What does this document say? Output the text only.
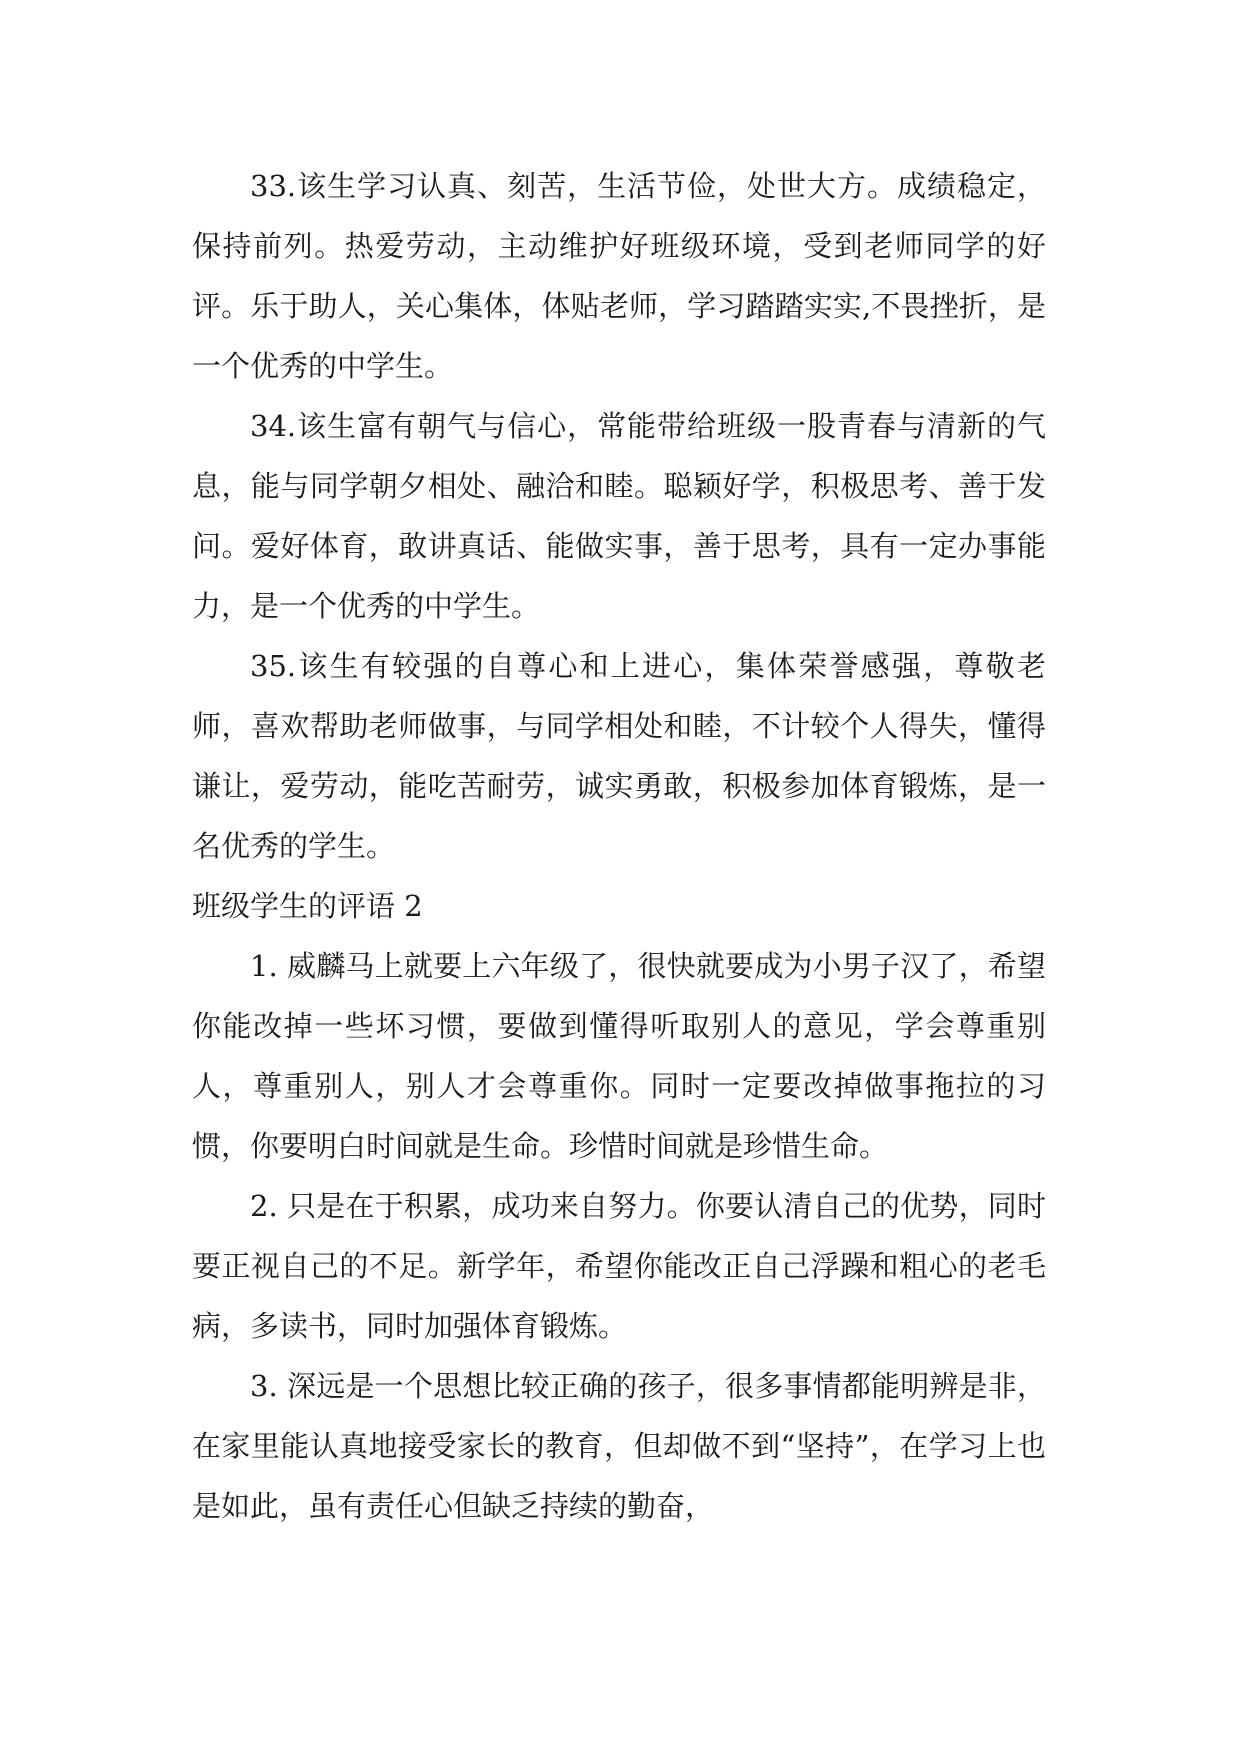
33.该生学习认真、刻苦，生活节俭，处世大方。成绩稳定，保持前列。热爱劳动，主动维护好班级环境，受到老师同学的好评。乐于助人，关心集体，体贴老师，学习踏踏实实,不畏挫折，是一个优秀的中学生。

34.该生富有朝气与信心，常能带给班级一股青春与清新的气息，能与同学朝夕相处、融洽和睦。聪颖好学，积极思考、善于发问。爱好体育，敢讲真话、能做实事，善于思考，具有一定办事能力，是一个优秀的中学生。

35.该生有较强的自尊心和上进心，集体荣誉感强，尊敬老师，喜欢帮助老师做事，与同学相处和睦，不计较个人得失，懂得谦让，爱劳动，能吃苦耐劳，诚实勇敢，积极参加体育锻炼，是一名优秀的学生。

班级学生的评语 2

1. 威麟马上就要上六年级了，很快就要成为小男子汉了，希望你能改掉一些坏习惯，要做到懂得听取别人的意见，学会尊重别人，尊重别人，别人才会尊重你。同时一定要改掉做事拖拉的习惯，你要明白时间就是生命。珍惜时间就是珍惜生命。

2. 只是在于积累，成功来自努力。你要认清自己的优势，同时要正视自己的不足。新学年，希望你能改正自己浮躁和粗心的老毛病，多读书，同时加强体育锻炼。

3. 深远是一个思想比较正确的孩子，很多事情都能明辨是非，在家里能认真地接受家长的教育，但却做不到“坚持”，在学习上也是如此，虽有责任心但缺乏持续的勤奋，
